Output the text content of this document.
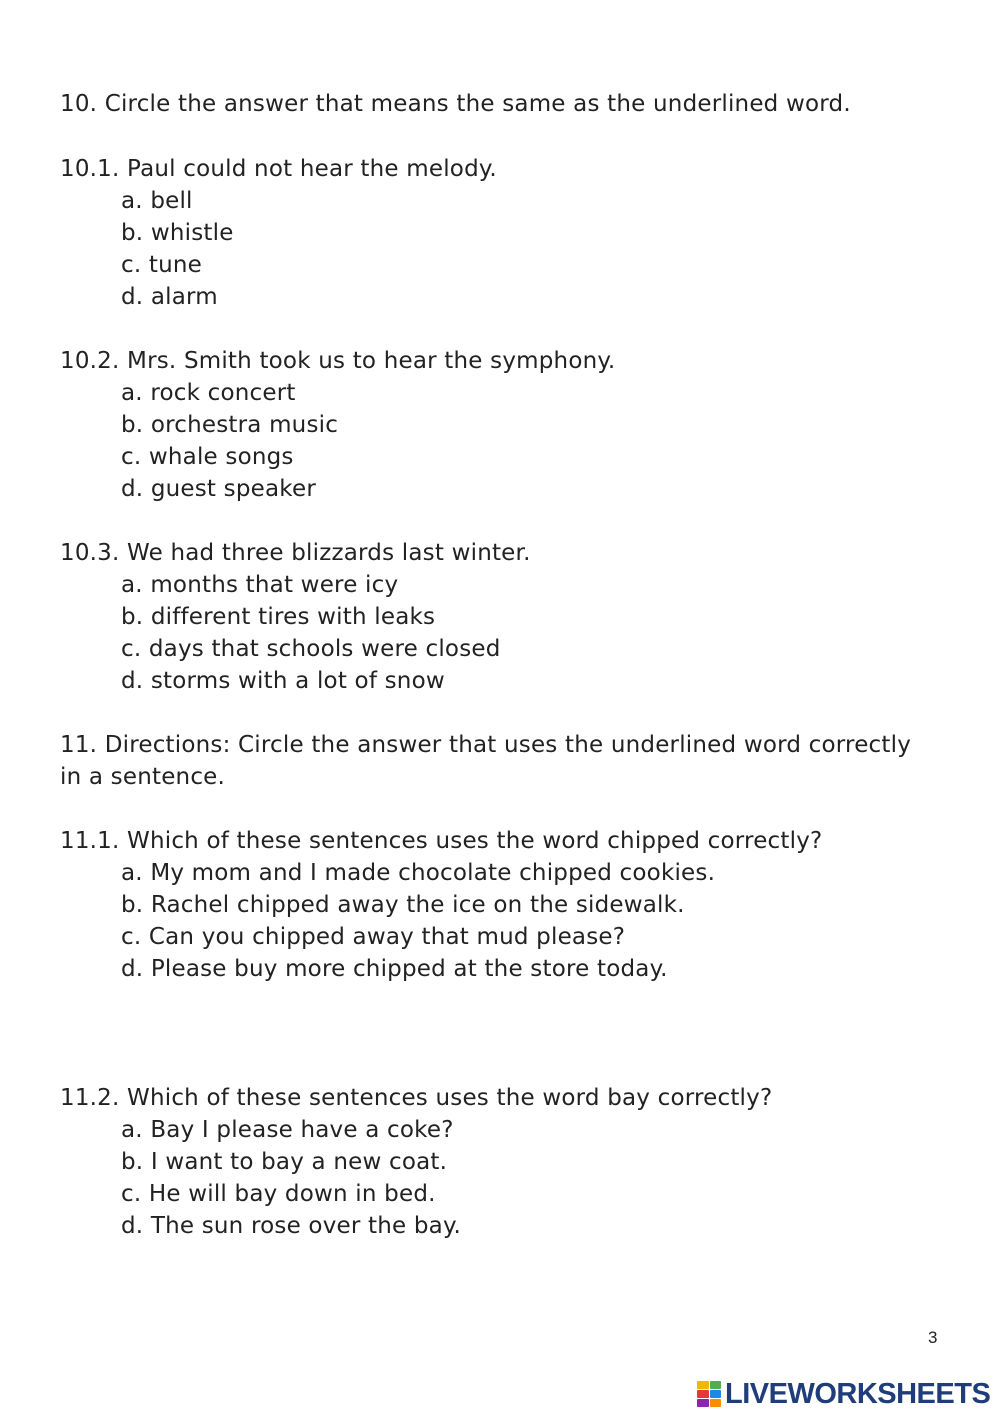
10. Circle the answer that means the same as the underlined word.
10.1. Paul could not hear the melody.
a. bell
b. whistle
c. tune
d. alarm
10.2. Mrs. Smith took us to hear the symphony.
a. rock concert
b. orchestra music
c. whale songs
d. guest speaker
10.3. We had three blizzards last winter.
a. months that were icy
b. different tires with leaks
c. days that schools were closed
d. storms with a lot of snow
11. Directions: Circle the answer that uses the underlined word correctly
in a sentence.
11.1. Which of these sentences uses the word chipped correctly?
a. My mom and I made chocolate chipped cookies.
b. Rachel chipped away the ice on the sidewalk.
c. Can you chipped away that mud please?
d. Please buy more chipped at the store today.
11.2. Which of these sentences uses the word bay correctly?
a. Bay I please have a coke?
b. I want to bay a new coat.
c. He will bay down in bed.
d. The sun rose over the bay.
3
LIVEWORKSHEETS
